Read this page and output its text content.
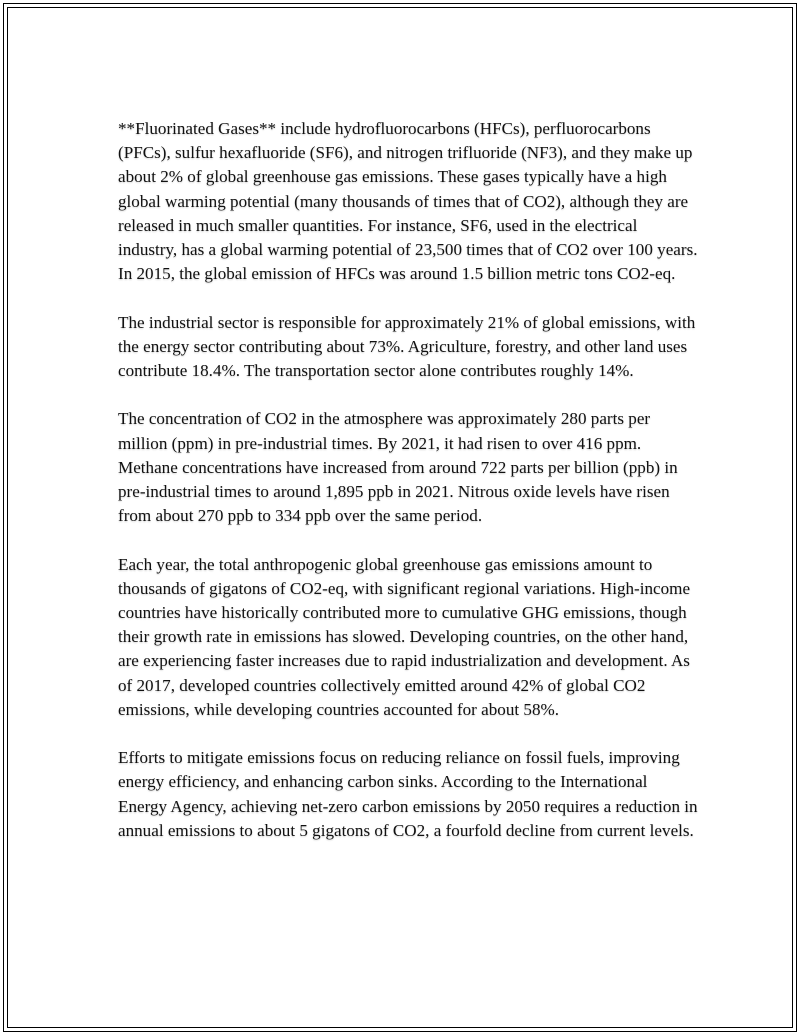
**Fluorinated Gases** include hydrofluorocarbons (HFCs), perfluorocarbons (PFCs), sulfur hexafluoride (SF6), and nitrogen trifluoride (NF3), and they make up about 2% of global greenhouse gas emissions. These gases typically have a high global warming potential (many thousands of times that of CO2), although they are released in much smaller quantities. For instance, SF6, used in the electrical industry, has a global warming potential of 23,500 times that of CO2 over 100 years. In 2015, the global emission of HFCs was around 1.5 billion metric tons CO2-eq.

The industrial sector is responsible for approximately 21% of global emissions, with the energy sector contributing about 73%. Agriculture, forestry, and other land uses contribute 18.4%. The transportation sector alone contributes roughly 14%.

The concentration of CO2 in the atmosphere was approximately 280 parts per million (ppm) in pre-industrial times. By 2021, it had risen to over 416 ppm. Methane concentrations have increased from around 722 parts per billion (ppb) in pre-industrial times to around 1,895 ppb in 2021. Nitrous oxide levels have risen from about 270 ppb to 334 ppb over the same period.

Each year, the total anthropogenic global greenhouse gas emissions amount to thousands of gigatons of CO2-eq, with significant regional variations. High-income countries have historically contributed more to cumulative GHG emissions, though their growth rate in emissions has slowed. Developing countries, on the other hand, are experiencing faster increases due to rapid industrialization and development. As of 2017, developed countries collectively emitted around 42% of global CO2 emissions, while developing countries accounted for about 58%.

Efforts to mitigate emissions focus on reducing reliance on fossil fuels, improving energy efficiency, and enhancing carbon sinks. According to the International Energy Agency, achieving net-zero carbon emissions by 2050 requires a reduction in annual emissions to about 5 gigatons of CO2, a fourfold decline from current levels.
